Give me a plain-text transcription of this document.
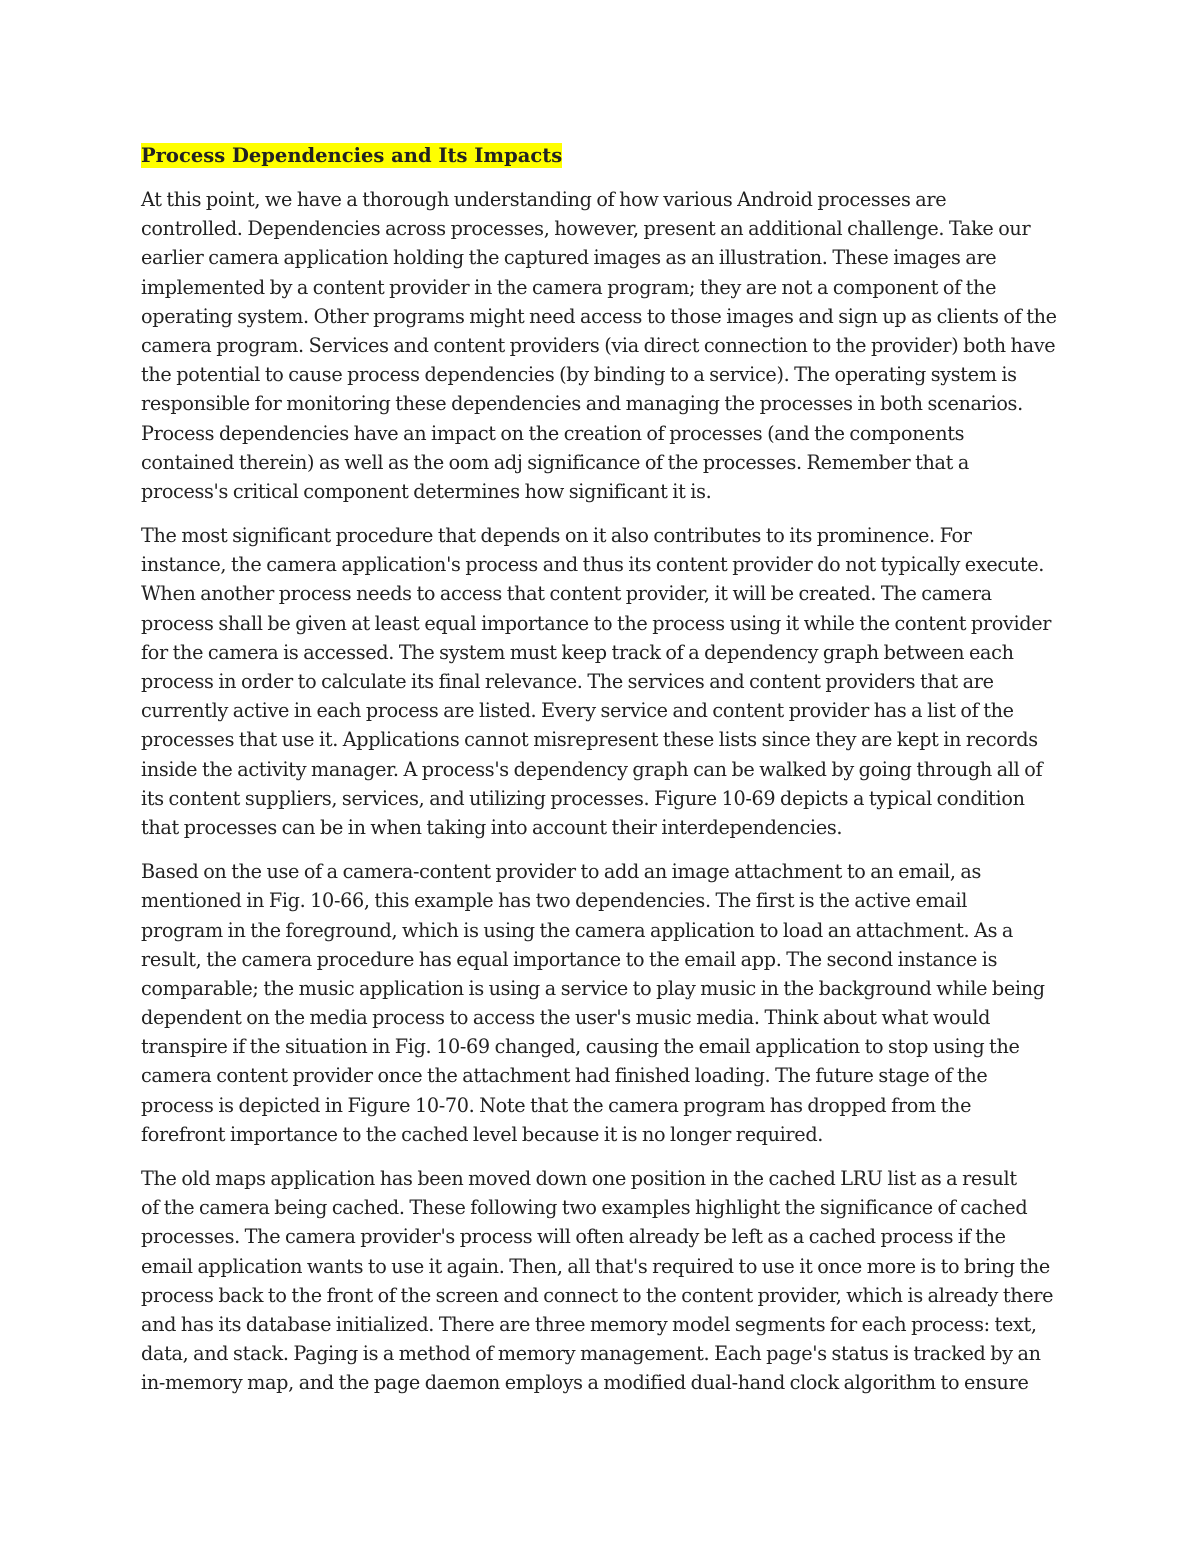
Process Dependencies and Its Impacts
At this point, we have a thorough understanding of how various Android processes are
controlled. Dependencies across processes, however, present an additional challenge. Take our
earlier camera application holding the captured images as an illustration. These images are
implemented by a content provider in the camera program; they are not a component of the
operating system. Other programs might need access to those images and sign up as clients of the
camera program. Services and content providers (via direct connection to the provider) both have
the potential to cause process dependencies (by binding to a service). The operating system is
responsible for monitoring these dependencies and managing the processes in both scenarios.
Process dependencies have an impact on the creation of processes (and the components
contained therein) as well as the oom adj significance of the processes. Remember that a
process's critical component determines how significant it is.
The most significant procedure that depends on it also contributes to its prominence. For
instance, the camera application's process and thus its content provider do not typically execute.
When another process needs to access that content provider, it will be created. The camera
process shall be given at least equal importance to the process using it while the content provider
for the camera is accessed. The system must keep track of a dependency graph between each
process in order to calculate its final relevance. The services and content providers that are
currently active in each process are listed. Every service and content provider has a list of the
processes that use it. Applications cannot misrepresent these lists since they are kept in records
inside the activity manager. A process's dependency graph can be walked by going through all of
its content suppliers, services, and utilizing processes. Figure 10-69 depicts a typical condition
that processes can be in when taking into account their interdependencies.
Based on the use of a camera-content provider to add an image attachment to an email, as
mentioned in Fig. 10-66, this example has two dependencies. The first is the active email
program in the foreground, which is using the camera application to load an attachment. As a
result, the camera procedure has equal importance to the email app. The second instance is
comparable; the music application is using a service to play music in the background while being
dependent on the media process to access the user's music media. Think about what would
transpire if the situation in Fig. 10-69 changed, causing the email application to stop using the
camera content provider once the attachment had finished loading. The future stage of the
process is depicted in Figure 10-70. Note that the camera program has dropped from the
forefront importance to the cached level because it is no longer required.
The old maps application has been moved down one position in the cached LRU list as a result
of the camera being cached. These following two examples highlight the significance of cached
processes. The camera provider's process will often already be left as a cached process if the
email application wants to use it again. Then, all that's required to use it once more is to bring the
process back to the front of the screen and connect to the content provider, which is already there
and has its database initialized. There are three memory model segments for each process: text,
data, and stack. Paging is a method of memory management. Each page's status is tracked by an
in-memory map, and the page daemon employs a modified dual-hand clock algorithm to ensure
